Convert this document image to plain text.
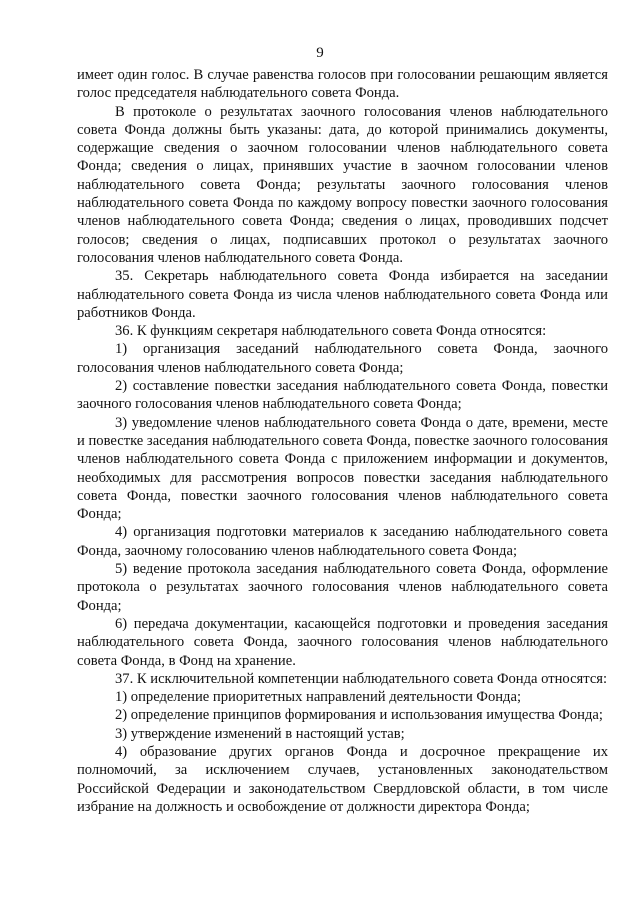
9

имеет один голос. В случае равенства голосов при голосовании решающим является голос председателя наблюдательного совета Фонда.

В протоколе о результатах заочного голосования членов наблюдательного совета Фонда должны быть указаны: дата, до которой принимались документы, содержащие сведения о заочном голосовании членов наблюдательного совета Фонда; сведения о лицах, принявших участие в заочном голосовании членов наблюдательного совета Фонда; результаты заочного голосования членов наблюдательного совета Фонда по каждому вопросу повестки заочного голосования членов наблюдательного совета Фонда; сведения о лицах, проводивших подсчет голосов; сведения о лицах, подписавших протокол о результатах заочного голосования членов наблюдательного совета Фонда.

35. Секретарь наблюдательного совета Фонда избирается на заседании наблюдательного совета Фонда из числа членов наблюдательного совета Фонда или работников Фонда.

36. К функциям секретаря наблюдательного совета Фонда относятся:

1) организация заседаний наблюдательного совета Фонда, заочного голосования членов наблюдательного совета Фонда;

2) составление повестки заседания наблюдательного совета Фонда, повестки заочного голосования членов наблюдательного совета Фонда;

3) уведомление членов наблюдательного совета Фонда о дате, времени, месте и повестке заседания наблюдательного совета Фонда, повестке заочного голосования членов наблюдательного совета Фонда с приложением информации и документов, необходимых для рассмотрения вопросов повестки заседания наблюдательного совета Фонда, повестки заочного голосования членов наблюдательного совета Фонда;

4) организация подготовки материалов к заседанию наблюдательного совета Фонда, заочному голосованию членов наблюдательного совета Фонда;

5) ведение протокола заседания наблюдательного совета Фонда, оформление протокола о результатах заочного голосования членов наблюдательного совета Фонда;

6) передача документации, касающейся подготовки и проведения заседания наблюдательного совета Фонда, заочного голосования членов наблюдательного совета Фонда, в Фонд на хранение.

37. К исключительной компетенции наблюдательного совета Фонда относятся:

1) определение приоритетных направлений деятельности Фонда;

2) определение принципов формирования и использования имущества Фонда;

3) утверждение изменений в настоящий устав;

4) образование других органов Фонда и досрочное прекращение их полномочий, за исключением случаев, установленных законодательством Российской Федерации и законодательством Свердловской области, в том числе избрание на должность и освобождение от должности директора Фонда;
